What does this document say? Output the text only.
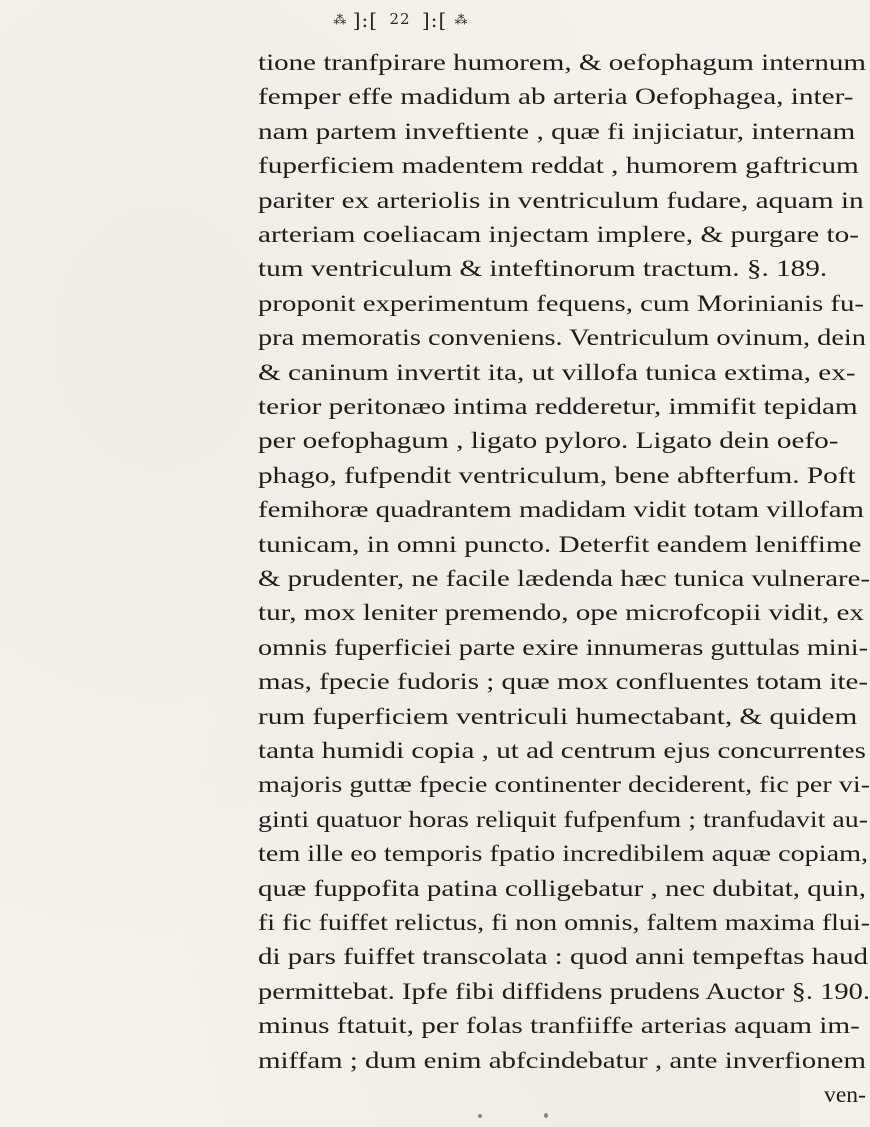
⁂ ]:[ 22 ]:[ ⁂
tione tranfpirare humorem, & oefophagum internum
femper effe madidum ab arteria Oefophagea, inter-
nam partem inveftiente , quæ fi injiciatur, internam
fuperficiem madentem reddat , humorem gaftricum
pariter ex arteriolis in ventriculum fudare, aquam in
arteriam coeliacam injectam implere, & purgare to-
tum ventriculum & inteftinorum tractum. §. 189.
proponit experimentum fequens, cum Morinianis fu-
pra memoratis conveniens. Ventriculum ovinum, dein
& caninum invertit ita, ut villofa tunica extima, ex-
terior peritonæo intima redderetur, immifit tepidam
per oefophagum , ligato pyloro. Ligato dein oefo-
phago, fufpendit ventriculum, bene abfterfum. Poft
femihoræ quadrantem madidam vidit totam villofam
tunicam, in omni puncto. Deterfit eandem leniffime
& prudenter, ne facile lædenda hæc tunica vulnerare-
tur, mox leniter premendo, ope microfcopii vidit, ex
omnis fuperficiei parte exire innumeras guttulas mini-
mas, fpecie fudoris ; quæ mox confluentes totam ite-
rum fuperficiem ventriculi humectabant, & quidem
tanta humidi copia , ut ad centrum ejus concurrentes
majoris guttæ fpecie continenter deciderent, fic per vi-
ginti quatuor horas reliquit fufpenfum ; tranfudavit au-
tem ille eo temporis fpatio incredibilem aquæ copiam,
quæ fuppofita patina colligebatur , nec dubitat, quin,
fi fic fuiffet relictus, fi non omnis, faltem maxima flui-
di pars fuiffet transcolata : quod anni tempeftas haud
permittebat. Ipfe fibi diffidens prudens Auctor §. 190.
minus ftatuit, per folas tranfiiffe arterias aquam im-
miffam ; dum enim abfcindebatur , ante inverfionem
ven-
